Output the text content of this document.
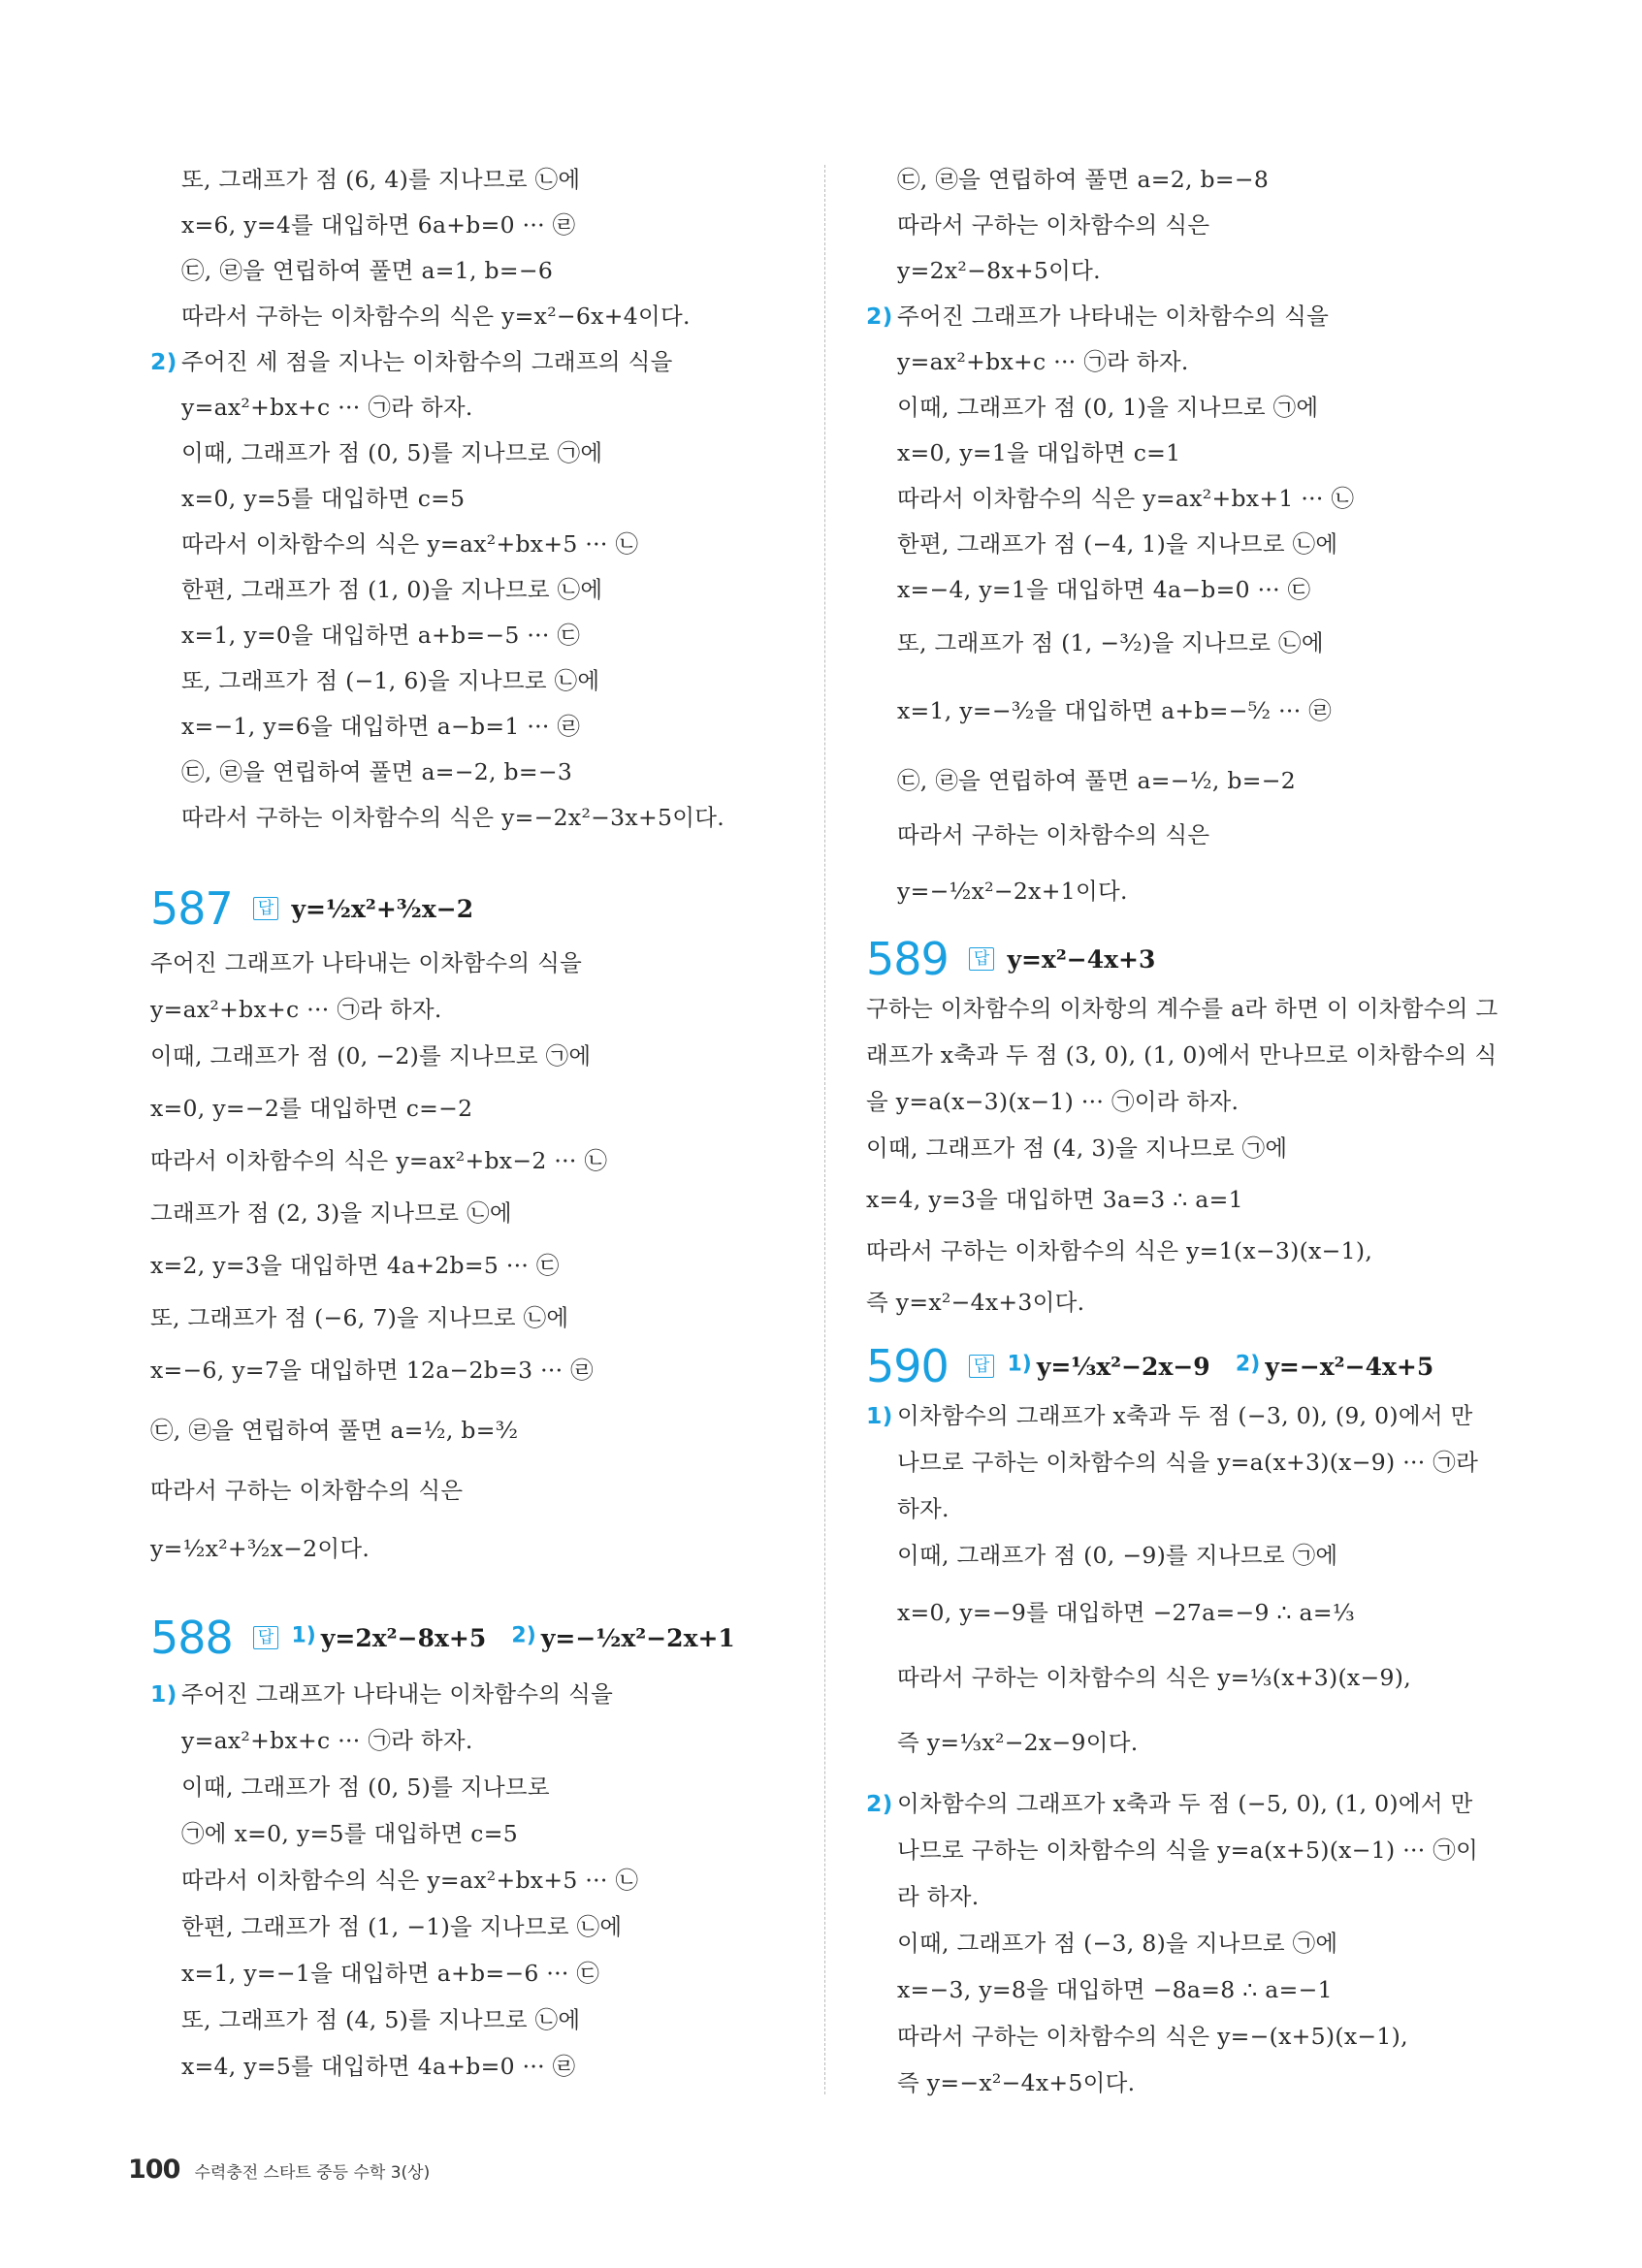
또, 그래프가 점 (6, 4)를 지나므로 ㉡에
x=6, y=4를 대입하면 6a+b=0 ··· ㉣
㉢, ㉣을 연립하여 풀면 a=1, b=−6
따라서 구하는 이차함수의 식은 y=x²−6x+4이다.
2) 주어진 세 점을 지나는 이차함수의 그래프의 식을
y=ax²+bx+c ··· ㉠라 하자.
이때, 그래프가 점 (0, 5)를 지나므로 ㉠에
x=0, y=5를 대입하면 c=5
따라서 이차함수의 식은 y=ax²+bx+5 ··· ㉡
한편, 그래프가 점 (1, 0)을 지나므로 ㉡에
x=1, y=0을 대입하면 a+b=−5 ··· ㉢
또, 그래프가 점 (−1, 6)을 지나므로 ㉡에
x=−1, y=6을 대입하면 a−b=1 ··· ㉣
㉢, ㉣을 연립하여 풀면 a=−2, b=−3
따라서 구하는 이차함수의 식은 y=−2x²−3x+5이다.
587 답 y=½x²+³⁄₂x−2
주어진 그래프가 나타내는 이차함수의 식을
y=ax²+bx+c ··· ㉠라 하자.
이때, 그래프가 점 (0, −2)를 지나므로 ㉠에
x=0, y=−2를 대입하면 c=−2
따라서 이차함수의 식은 y=ax²+bx−2 ··· ㉡
그래프가 점 (2, 3)을 지나므로 ㉡에
x=2, y=3을 대입하면 4a+2b=5 ··· ㉢
또, 그래프가 점 (−6, 7)을 지나므로 ㉡에
x=−6, y=7을 대입하면 12a−2b=3 ··· ㉣
㉢, ㉣을 연립하여 풀면 a=½, b=³⁄₂
따라서 구하는 이차함수의 식은
y=½x²+³⁄₂x−2이다.
588 답 1) y=2x²−8x+5 2) y=−½x²−2x+1
1) 주어진 그래프가 나타내는 이차함수의 식을
y=ax²+bx+c ··· ㉠라 하자.
이때, 그래프가 점 (0, 5)를 지나므로
㉠에 x=0, y=5를 대입하면 c=5
따라서 이차함수의 식은 y=ax²+bx+5 ··· ㉡
한편, 그래프가 점 (1, −1)을 지나므로 ㉡에
x=1, y=−1을 대입하면 a+b=−6 ··· ㉢
또, 그래프가 점 (4, 5)를 지나므로 ㉡에
x=4, y=5를 대입하면 4a+b=0 ··· ㉣
㉢, ㉣을 연립하여 풀면 a=2, b=−8
따라서 구하는 이차함수의 식은
y=2x²−8x+5이다.
2) 주어진 그래프가 나타내는 이차함수의 식을
y=ax²+bx+c ··· ㉠라 하자.
이때, 그래프가 점 (0, 1)을 지나므로 ㉠에
x=0, y=1을 대입하면 c=1
따라서 이차함수의 식은 y=ax²+bx+1 ··· ㉡
한편, 그래프가 점 (−4, 1)을 지나므로 ㉡에
x=−4, y=1을 대입하면 4a−b=0 ··· ㉢
또, 그래프가 점 (1, −³⁄₂)을 지나므로 ㉡에
x=1, y=−³⁄₂을 대입하면 a+b=−⁵⁄₂ ··· ㉣
㉢, ㉣을 연립하여 풀면 a=−½, b=−2
따라서 구하는 이차함수의 식은
y=−½x²−2x+1이다.
589 답 y=x²−4x+3
구하는 이차함수의 이차항의 계수를 a라 하면 이 이차함수의 그
래프가 x축과 두 점 (3, 0), (1, 0)에서 만나므로 이차함수의 식
을 y=a(x−3)(x−1) ··· ㉠이라 하자.
이때, 그래프가 점 (4, 3)을 지나므로 ㉠에
x=4, y=3을 대입하면 3a=3 ∴ a=1
따라서 구하는 이차함수의 식은 y=1(x−3)(x−1),
즉 y=x²−4x+3이다.
590 답 1) y=⅓x²−2x−9 2) y=−x²−4x+5
1) 이차함수의 그래프가 x축과 두 점 (−3, 0), (9, 0)에서 만
나므로 구하는 이차함수의 식을 y=a(x+3)(x−9) ··· ㉠라
하자.
이때, 그래프가 점 (0, −9)를 지나므로 ㉠에
x=0, y=−9를 대입하면 −27a=−9 ∴ a=⅓
따라서 구하는 이차함수의 식은 y=⅓(x+3)(x−9),
즉 y=⅓x²−2x−9이다.
2) 이차함수의 그래프가 x축과 두 점 (−5, 0), (1, 0)에서 만
나므로 구하는 이차함수의 식을 y=a(x+5)(x−1) ··· ㉠이
라 하자.
이때, 그래프가 점 (−3, 8)을 지나므로 ㉠에
x=−3, y=8을 대입하면 −8a=8 ∴ a=−1
따라서 구하는 이차함수의 식은 y=−(x+5)(x−1),
즉 y=−x²−4x+5이다.
100 수력충전 스타트 중등 수학 3(상)
